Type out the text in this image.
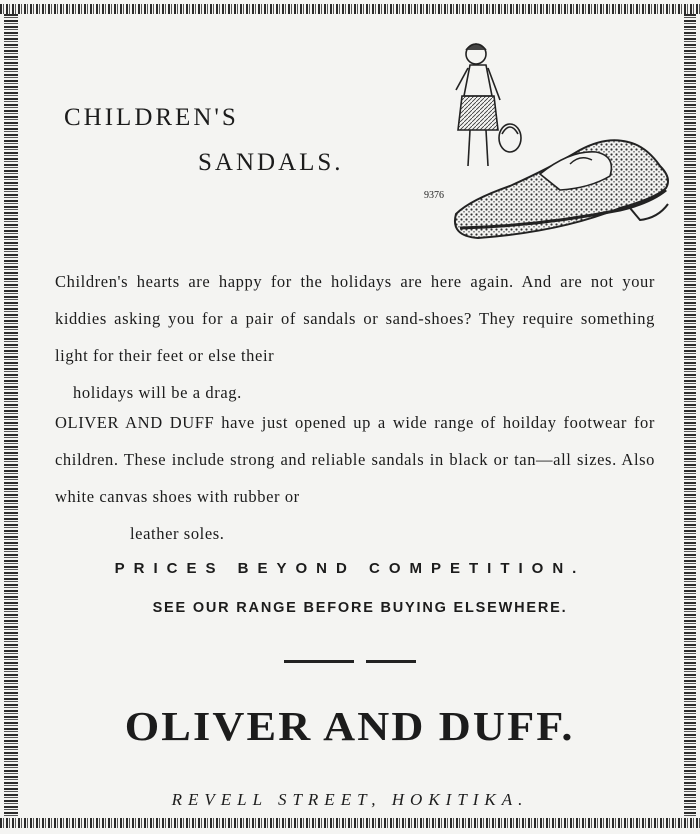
CHILDREN'S
SANDALS.
9376

Children's hearts are happy for the holidays are here again. And are not your kiddies asking you for a pair of sandals or sand-shoes? They require something light for their feet or else their
holidays will be a drag.

OLIVER AND DUFF have just opened up a wide range of hoilday footwear for children. These include strong and reliable sandals in black or tan—all sizes. Also white canvas shoes with rubber or
leather soles.

PRICES BEYOND COMPETITION.

SEE OUR RANGE BEFORE BUYING ELSEWHERE.

OLIVER AND DUFF.

REVELL STREET, HOKITIKA.
